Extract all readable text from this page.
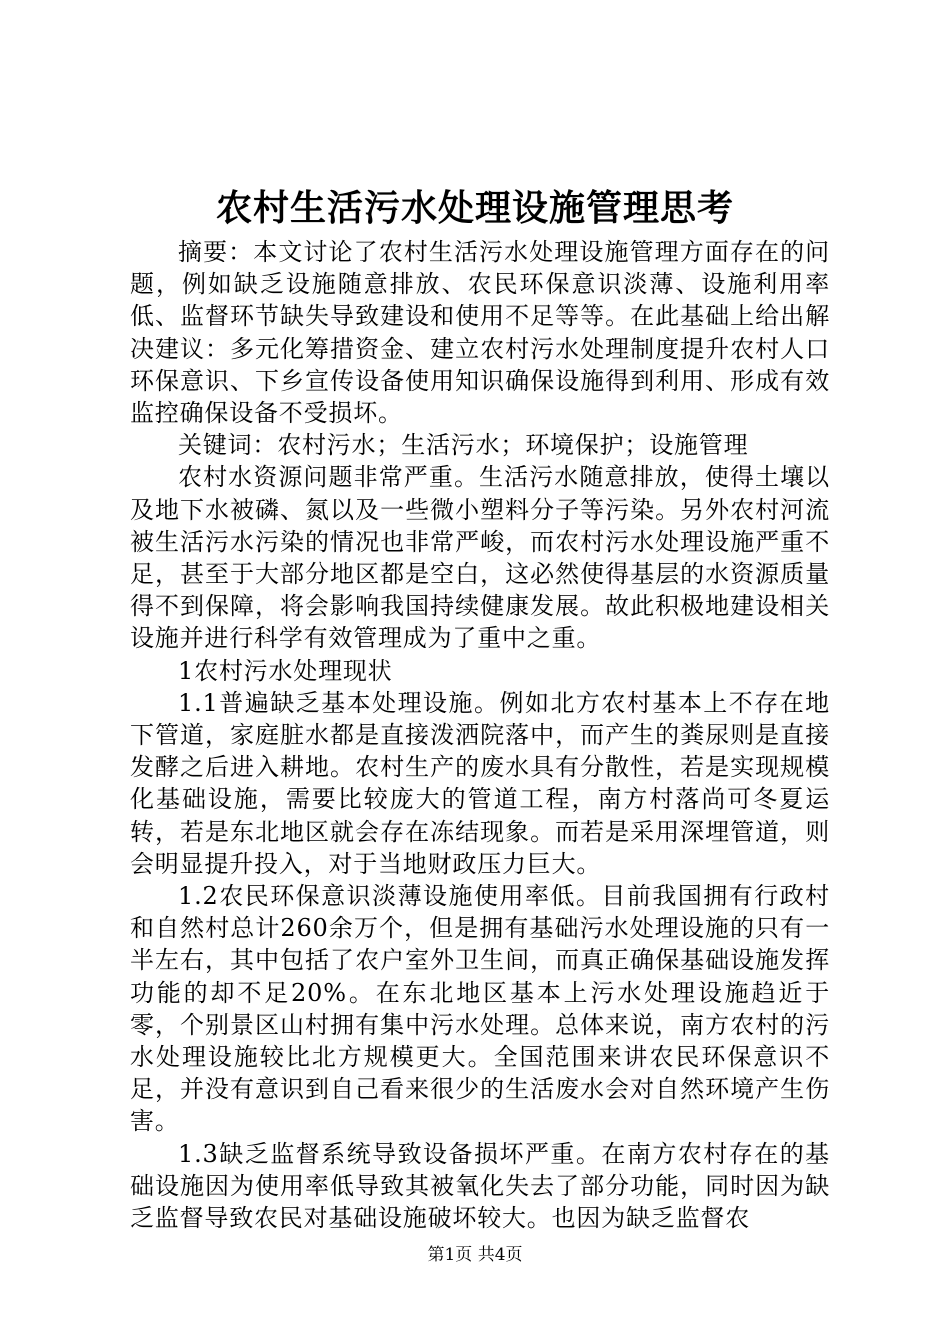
农村生活污水处理设施管理思考

摘要：本文讨论了农村生活污水处理设施管理方面存在的问题，例如缺乏设施随意排放、农民环保意识淡薄、设施利用率低、监督环节缺失导致建设和使用不足等等。在此基础上给出解决建议：多元化筹措资金、建立农村污水处理制度提升农村人口环保意识、下乡宣传设备使用知识确保设施得到利用、形成有效监控确保设备不受损坏。

关键词：农村污水；生活污水；环境保护；设施管理

农村水资源问题非常严重。生活污水随意排放，使得土壤以及地下水被磷、氮以及一些微小塑料分子等污染。另外农村河流被生活污水污染的情况也非常严峻，而农村污水处理设施严重不足，甚至于大部分地区都是空白，这必然使得基层的水资源质量得不到保障，将会影响我国持续健康发展。故此积极地建设相关设施并进行科学有效管理成为了重中之重。

1农村污水处理现状

1.1普遍缺乏基本处理设施。例如北方农村基本上不存在地下管道，家庭脏水都是直接泼洒院落中，而产生的粪尿则是直接发酵之后进入耕地。农村生产的废水具有分散性，若是实现规模化基础设施，需要比较庞大的管道工程，南方村落尚可冬夏运转，若是东北地区就会存在冻结现象。而若是采用深埋管道，则会明显提升投入，对于当地财政压力巨大。

1.2农民环保意识淡薄设施使用率低。目前我国拥有行政村和自然村总计260余万个，但是拥有基础污水处理设施的只有一半左右，其中包括了农户室外卫生间，而真正确保基础设施发挥功能的却不足20%。在东北地区基本上污水处理设施趋近于零，个别景区山村拥有集中污水处理。总体来说，南方农村的污水处理设施较比北方规模更大。全国范围来讲农民环保意识不足，并没有意识到自己看来很少的生活废水会对自然环境产生伤害。

1.3缺乏监督系统导致设备损坏严重。在南方农村存在的基础设施因为使用率低导致其被氧化失去了部分功能，同时因为缺乏监督导致农民对基础设施破坏较大。也因为缺乏监督农

第1页 共4页
